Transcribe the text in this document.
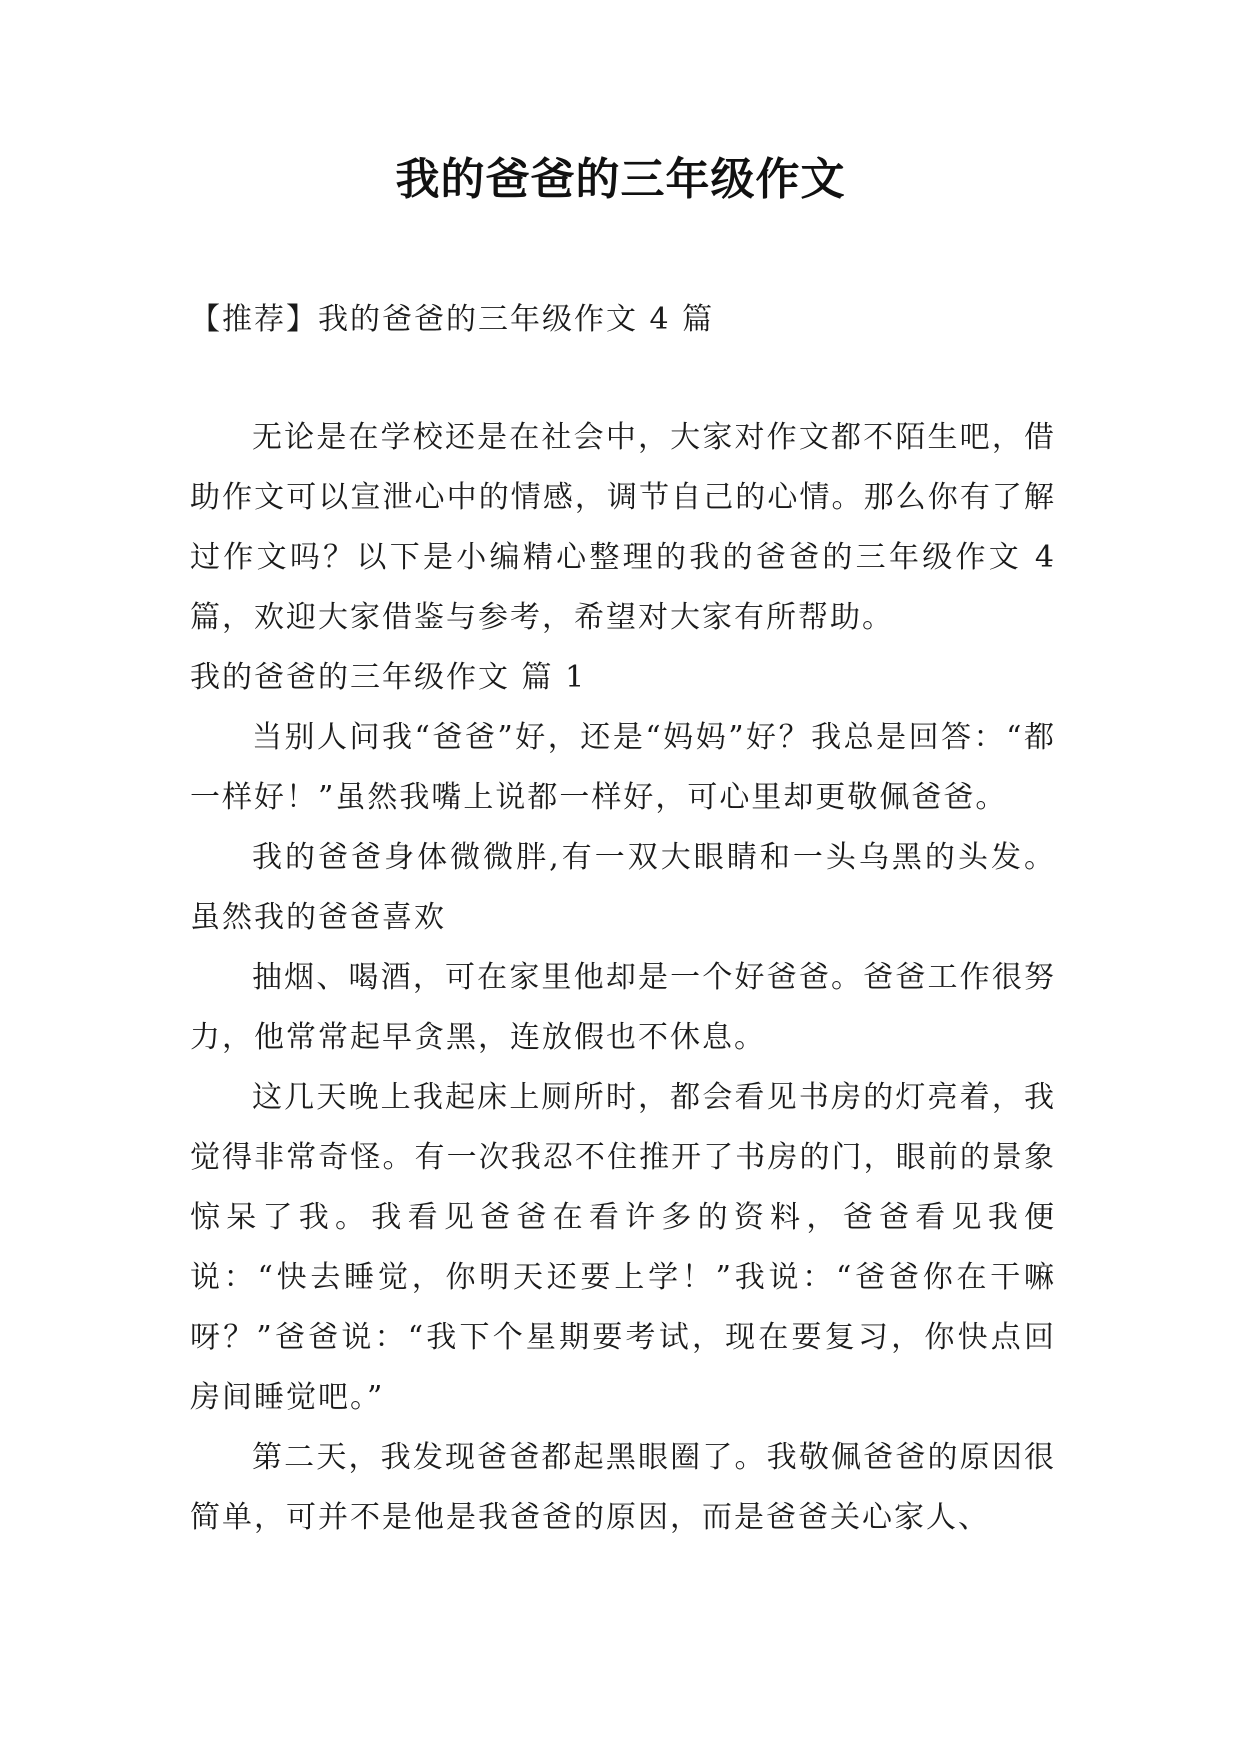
我的爸爸的三年级作文
【推荐】我的爸爸的三年级作文 4 篇

无论是在学校还是在社会中，大家对作文都不陌生吧，借助作文可以宣泄心中的情感，调节自己的心情。那么你有了解过作文吗？以下是小编精心整理的我的爸爸的三年级作文 4 篇，欢迎大家借鉴与参考，希望对大家有所帮助。

我的爸爸的三年级作文 篇 1

当别人问我“爸爸”好，还是“妈妈”好？我总是回答：“都一样好！”虽然我嘴上说都一样好，可心里却更敬佩爸爸。

我的爸爸身体微微胖,有一双大眼睛和一头乌黑的头发。虽然我的爸爸喜欢

抽烟、喝酒，可在家里他却是一个好爸爸。爸爸工作很努力，他常常起早贪黑，连放假也不休息。

这几天晚上我起床上厕所时，都会看见书房的灯亮着，我觉得非常奇怪。有一次我忍不住推开了书房的门，眼前的景象惊呆了我。我看见爸爸在看许多的资料，爸爸看见我便说：“快去睡觉，你明天还要上学！”我说：“爸爸你在干嘛呀？”爸爸说：“我下个星期要考试，现在要复习，你快点回房间睡觉吧。”

第二天，我发现爸爸都起黑眼圈了。我敬佩爸爸的原因很简单，可并不是他是我爸爸的原因，而是爸爸关心家人、
